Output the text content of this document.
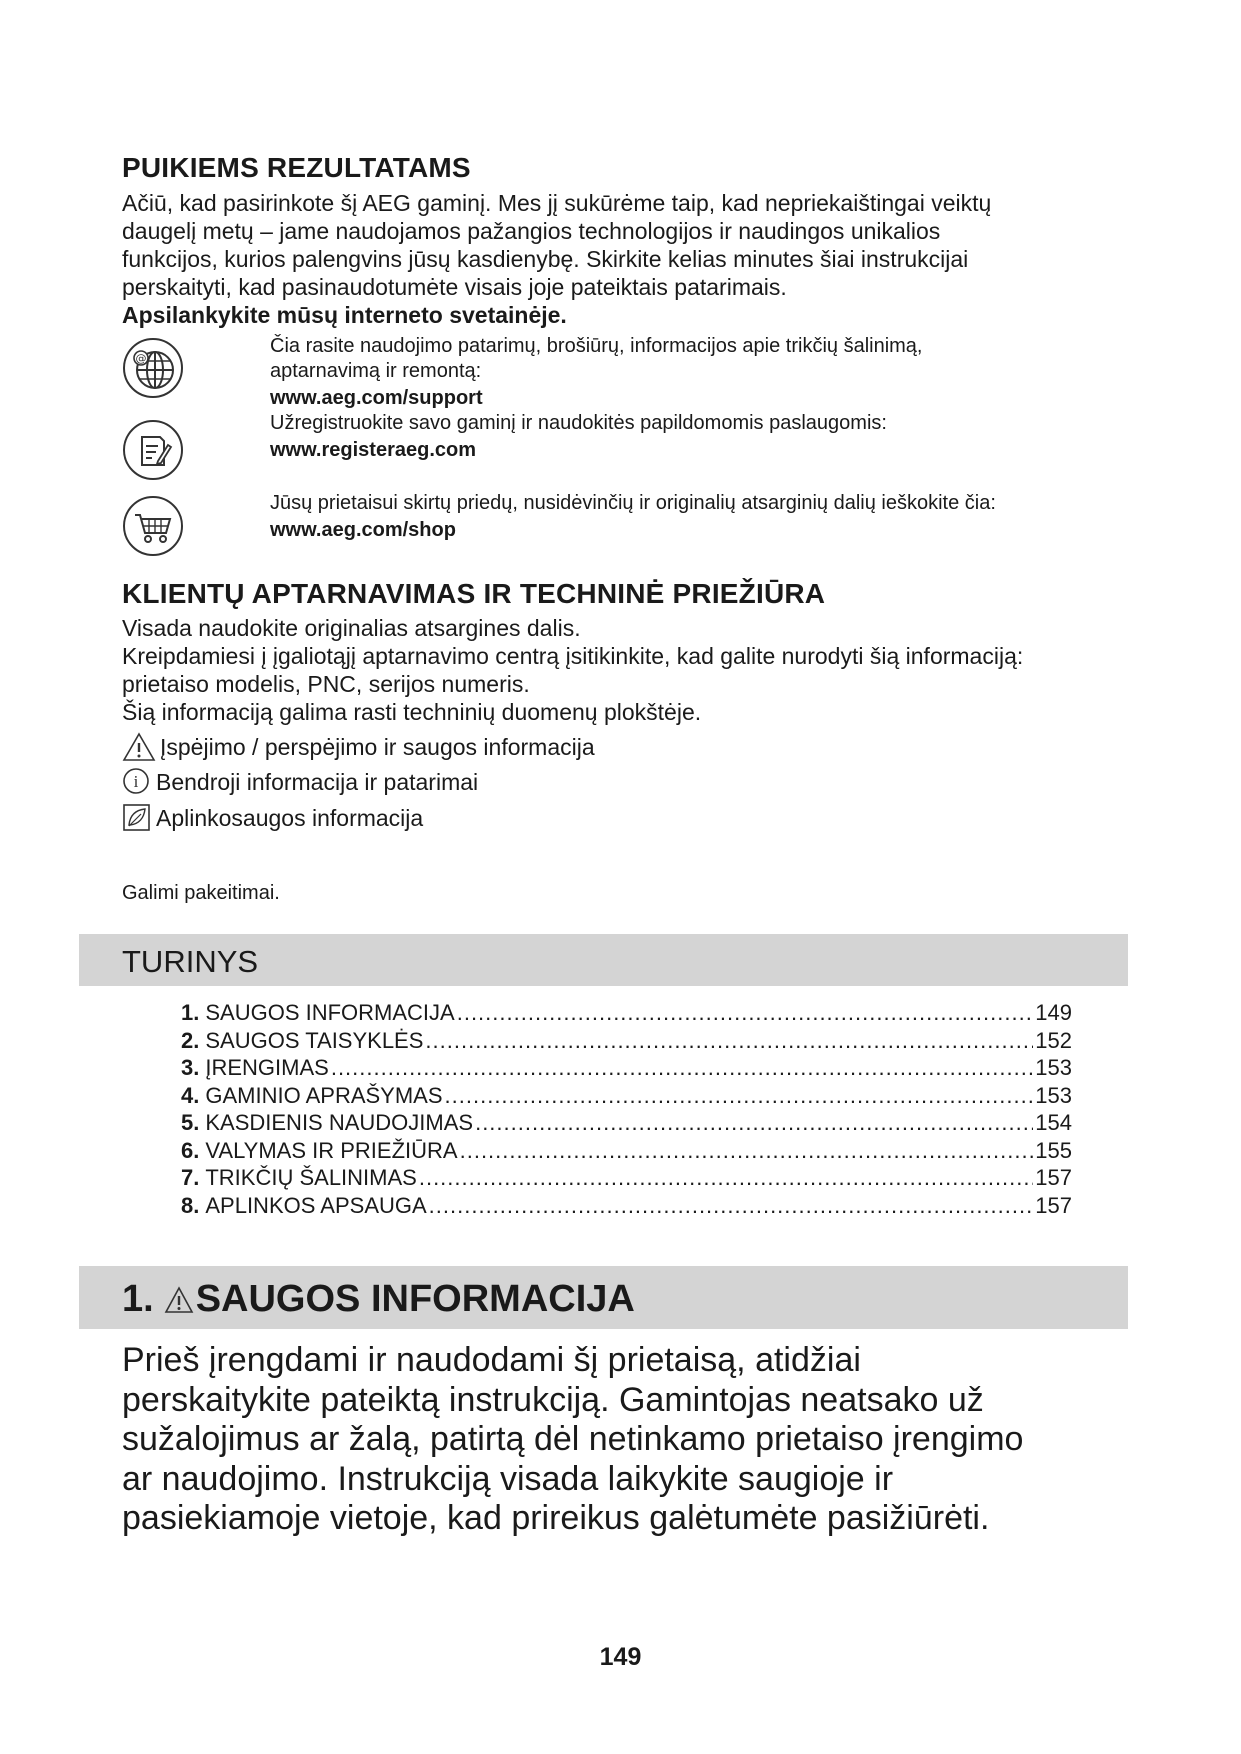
PUIKIEMS REZULTATAMS
Ačiū, kad pasirinkote šį AEG gaminį. Mes jį sukūrėme taip, kad nepriekaištingai veiktų
daugelį metų – jame naudojamos pažangios technologijos ir naudingos unikalios
funkcijos, kurios palengvins jūsų kasdienybę. Skirkite kelias minutes šiai instrukcijai
perskaityti, kad pasinaudotumėte visais joje pateiktais patarimais.
Apsilankykite mūsų interneto svetainėje.
@
Čia rasite naudojimo patarimų, brošiūrų, informacijos apie trikčių šalinimą,
aptarnavimą ir remontą:
www.aeg.com/support
Užregistruokite savo gaminį ir naudokitės papildomomis paslaugomis:
www.registeraeg.com
Jūsų prietaisui skirtų priedų, nusidėvinčių ir originalių atsarginių dalių ieškokite čia:
www.aeg.com/shop
KLIENTŲ APTARNAVIMAS IR TECHNINĖ PRIEŽIŪRA
Visada naudokite originalias atsargines dalis.
Kreipdamiesi į įgaliotąjį aptarnavimo centrą įsitikinkite, kad galite nurodyti šią informaciją:
prietaiso modelis, PNC, serijos numeris.
Šią informaciją galima rasti techninių duomenų plokštėje.
Įspėjimo / perspėjimo ir saugos informacija
i Bendroji informacija ir patarimai
Aplinkosaugos informacija
Galimi pakeitimai.
TURINYS
1. SAUGOS INFORMACIJA .....	149
2. SAUGOS TAISYKLĖS .....	152
3. ĮRENGIMAS .....	153
4. GAMINIO APRAŠYMAS .....	153
5. KASDIENIS NAUDOJIMAS .....	154
6. VALYMAS IR PRIEŽIŪRA .....	155
7. TRIKČIŲ ŠALINIMAS .....	157
8. APLINKOS APSAUGA .....	157
1. SAUGOS INFORMACIJA
Prieš įrengdami ir naudodami šį prietaisą, atidžiai
perskaitykite pateiktą instrukciją. Gamintojas neatsako už
sužalojimus ar žalą, patirtą dėl netinkamo prietaiso įrengimo
ar naudojimo. Instrukciją visada laikykite saugioje ir
pasiekiamoje vietoje, kad prireikus galėtumėte pasižiūrėti.
149
